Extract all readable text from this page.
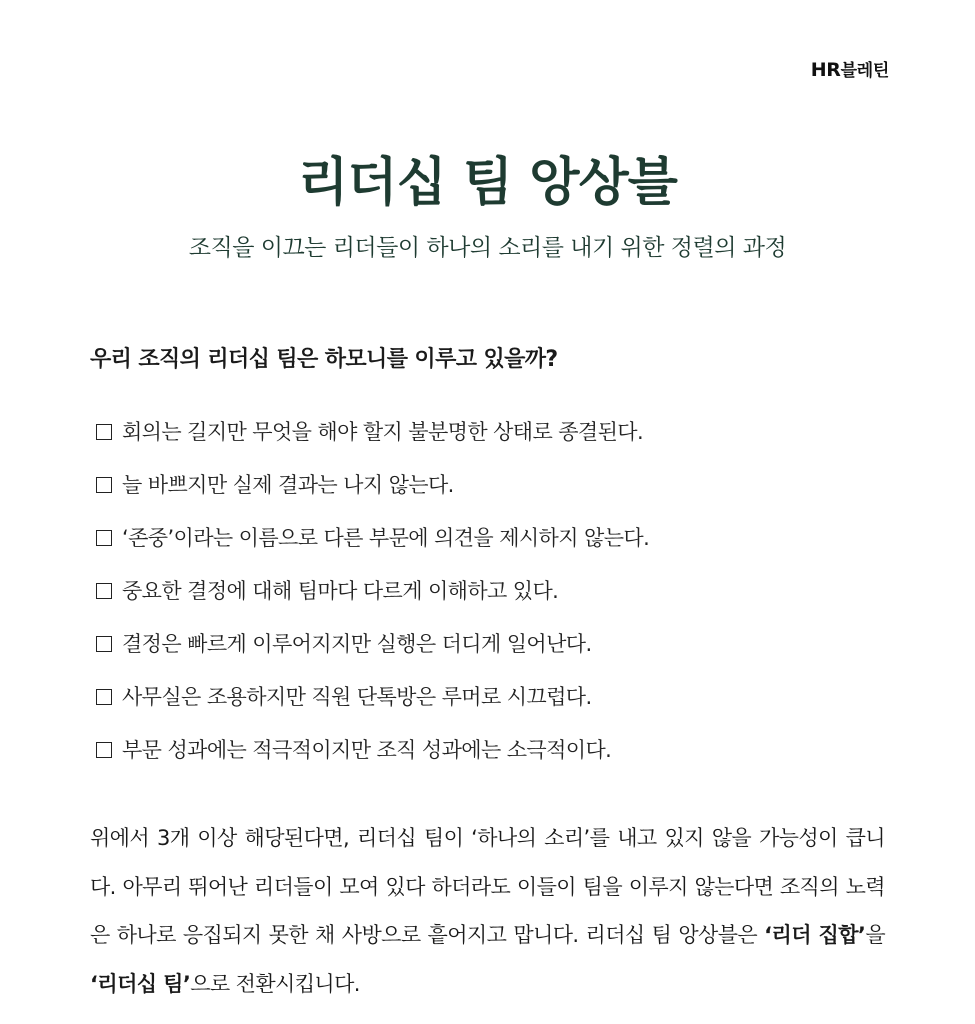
HR블레틴
리더십 팀 앙상블
조직을 이끄는 리더들이 하나의 소리를 내기 위한 정렬의 과정
우리 조직의 리더십 팀은 하모니를 이루고 있을까?
회의는 길지만 무엇을 해야 할지 불분명한 상태로 종결된다.
늘 바쁘지만 실제 결과는 나지 않는다.
‘존중’이라는 이름으로 다른 부문에 의견을 제시하지 않는다.
중요한 결정에 대해 팀마다 다르게 이해하고 있다.
결정은 빠르게 이루어지지만 실행은 더디게 일어난다.
사무실은 조용하지만 직원 단톡방은 루머로 시끄럽다.
부문 성과에는 적극적이지만 조직 성과에는 소극적이다.

위에서 3개 이상 해당된다면, 리더십 팀이 ‘하나의 소리’를 내고 있지 않을 가능성이 큽니다. 아무리 뛰어난 리더들이 모여 있다 하더라도 이들이 팀을 이루지 않는다면 조직의 노력은 하나로 응집되지 못한 채 사방으로 흩어지고 맙니다. 리더십 팀 앙상블은 ‘리더 집합’을 ‘리더십 팀’으로 전환시킵니다.
